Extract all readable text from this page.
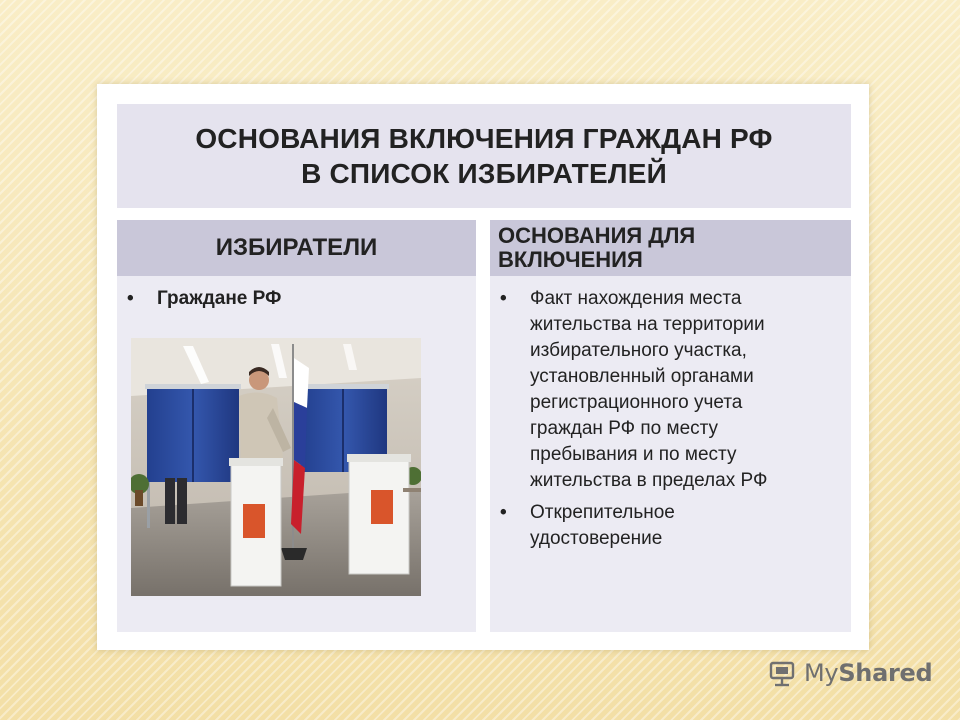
ОСНОВАНИЯ ВКЛЮЧЕНИЯ ГРАЖДАН РФ
В СПИСОК ИЗБИРАТЕЛЕЙ
ИЗБИРАТЕЛИ
• Граждане РФ
ОСНОВАНИЯ ДЛЯ
ВКЛЮЧЕНИЯ
• Факт нахождения места
жительства на территории
избирательного участка,
установленный органами
регистрационного учета
граждан РФ по месту
пребывания и по месту
жительства в пределах РФ
• Открепительное
удостоверение
MyShared
